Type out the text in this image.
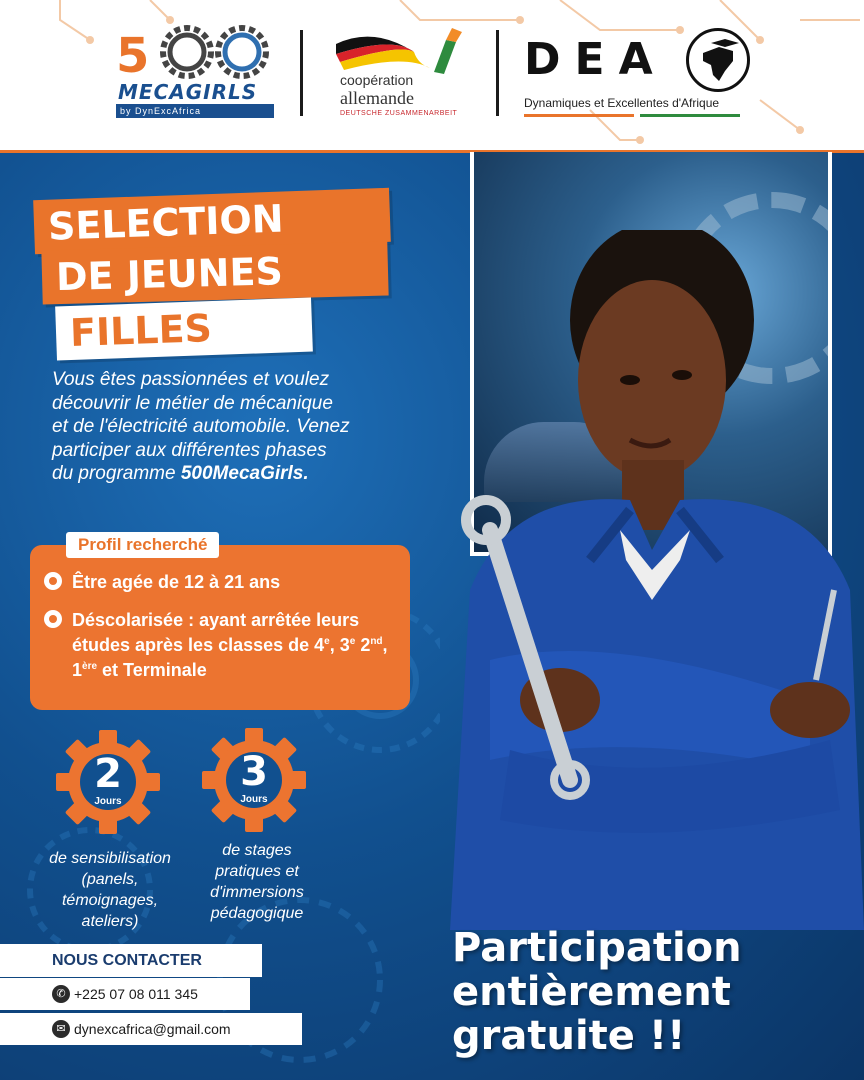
5
MECAGIRLS
by DynExcAfrica
coopération
allemande
DEUTSCHE ZUSAMMENARBEIT
DEA
Dynamiques et Excellentes d'Afrique
SELECTION
DE JEUNES
FILLES
Vous êtes passionnées et voulez découvrir le métier de mécanique et de l'électricité automobile. Venez participer aux différentes phases du programme 500MecaGirls.
Profil recherché
Être agée de 12 à 21 ans
Déscolarisée : ayant arrêtée leurs études après les classes de 4e, 3e 2nd, 1ère et Terminale
2
Jours
de sensibilisation (panels, témoignages, ateliers)
3
Jours
de stages pratiques et d'immersions pédagogique
NOUS CONTACTER
✆ +225 07 08 011 345
✉ dynexcafrica@gmail.com
Participation
entièrement
gratuite !!
